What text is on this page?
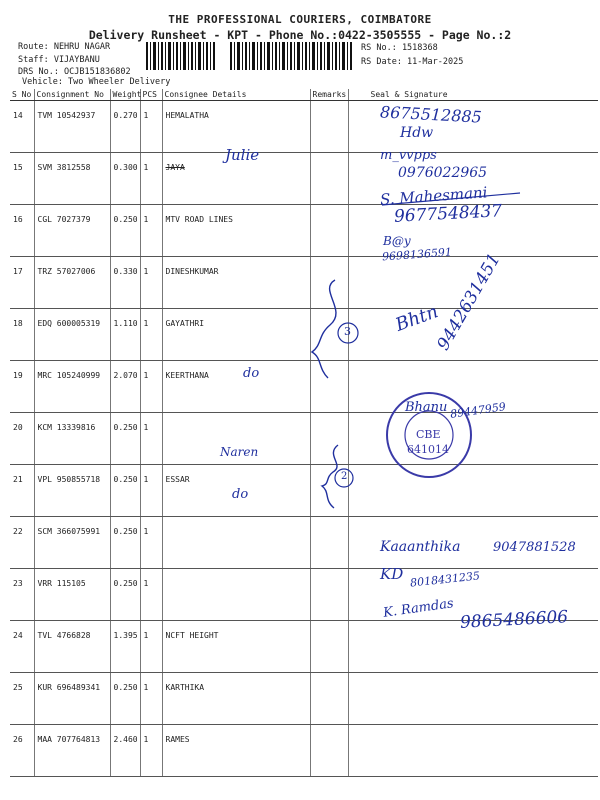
THE PROFESSIONAL COURIERS, COIMBATORE
Delivery Runsheet - KPT - Phone No.:0422-3505555 - Page No.:2
Route: NEHRU NAGAR
Staff: VIJAYBANU
DRS No.: OCJB151836802
Vehicle: Two Wheeler Delivery
RS No.: 1518368
RS Date: 11-Mar-2025
S No	Consignment No	Weight	PCS	Consignee Details	Remarks	Seal & Signature
14	TVM 10542937	0.270	1	HEMALATHA		
15	SVM 3812558	0.300	1	JAYA		
16	CGL 7027379	0.250	1	MTV ROAD LINES		
17	TRZ 57027006	0.330	1	DINESHKUMAR		
18	EDQ 600005319	1.110	1	GAYATHRI		
19	MRC 105240999	2.070	1	KEERTHANA		
20	KCM 13339816	0.250	1			
21	VPL 950855718	0.250	1	ESSAR		
22	SCM 366075991	0.250	1			
23	VRR 115105	0.250	1			
24	TVL 4766828	1.395	1	NCFT HEIGHT		
25	KUR 696489341	0.250	1	KARTHIKA		
26	MAA 707764813	2.460	1	RAMES		
8675512885
Hdw
Julie	m_vvpps
0976022965
S. Mahesmani
9677548437
B@y
9698136591
9442631451
Bhtn
3
do
Bhanu
CBE
641014
89447959
Naren
2
do
Kaaanthika	9047881528
KD 8018431235
K. Ramdas 9865486606
